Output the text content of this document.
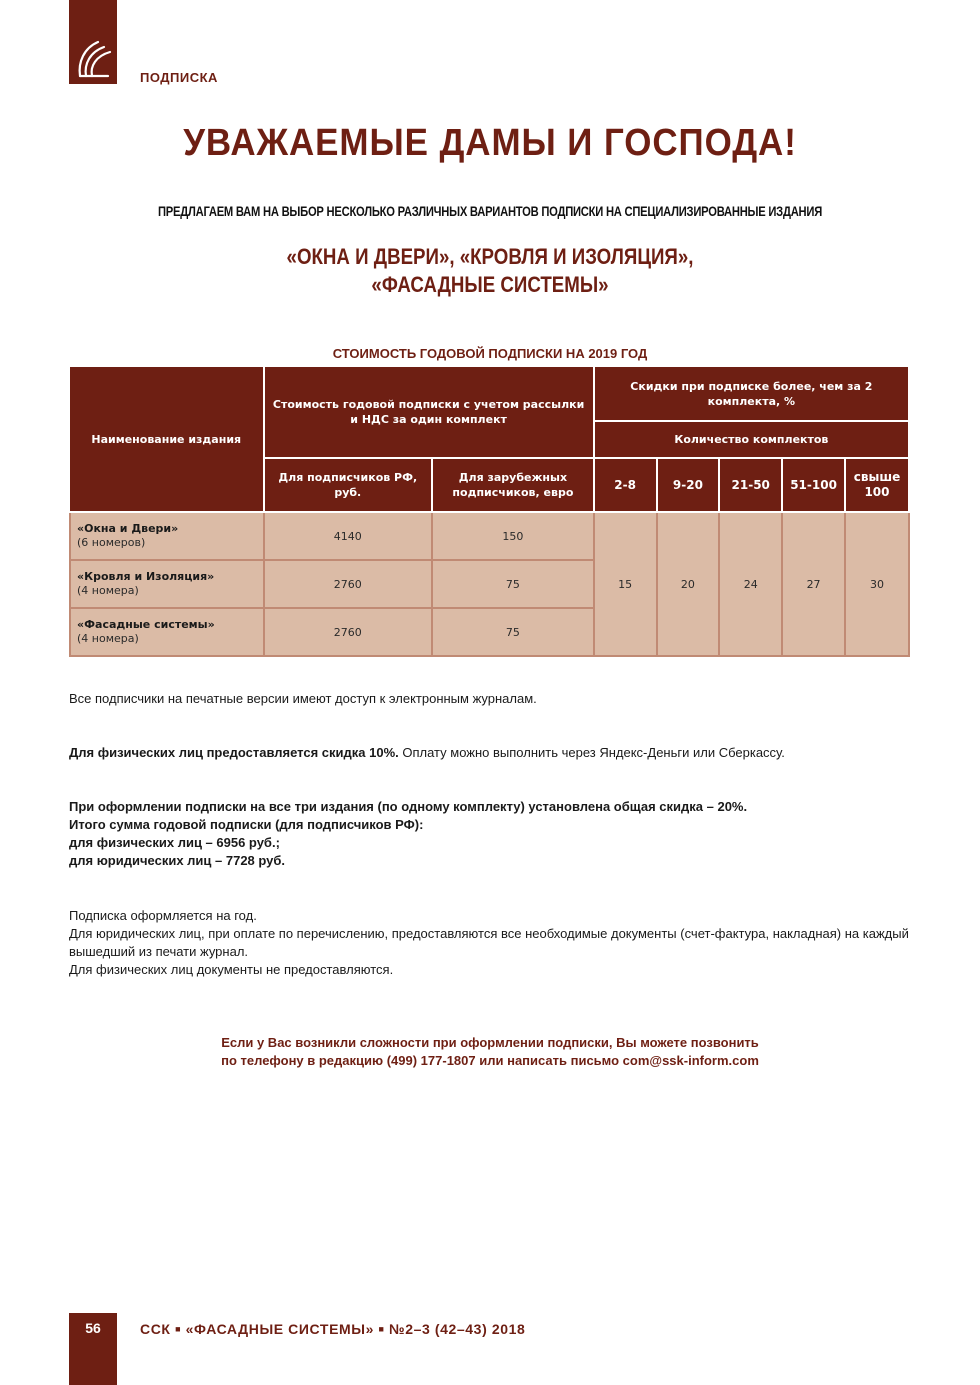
ПОДПИСКА
УВАЖАЕМЫЕ ДАМЫ И ГОСПОДА!
ПРЕДЛАГАЕМ ВАМ НА ВЫБОР НЕСКОЛЬКО РАЗЛИЧНЫХ ВАРИАНТОВ ПОДПИСКИ НА СПЕЦИАЛИЗИРОВАННЫЕ ИЗДАНИЯ
«ОКНА И ДВЕРИ», «КРОВЛЯ И ИЗОЛЯЦИЯ»,
«ФАСАДНЫЕ СИСТЕМЫ»
СТОИМОСТЬ ГОДОВОЙ ПОДПИСКИ НА 2019 ГОД
Наименование издания	Стоимость годовой подписки с учетом рассылки
и НДС за один комплект		Скидки при подписке более, чем за 2 комплекта, %				
			Количество комплектов				
	Для подписчиков РФ, руб.	Для зарубежных подписчиков, евро	2-8	9-20	21-50	51-100	свыше 100
«Окна и Двери»
(6 номеров)	4140	150	15	20	24	27	30
«Кровля и Изоляция»
(4 номера)	2760	75					
«Фасадные системы»
(4 номера)	2760	75					
Все подписчики на печатные версии имеют доступ к электронным журналам.
Для физических лиц предоставляется скидка 10%. Оплату можно выполнить через Яндекс-Деньги или Сберкассу.
При оформлении подписки на все три издания (по одному комплекту) установлена общая скидка – 20%.
Итого сумма годовой подписки (для подписчиков РФ):
для физических лиц – 6956 руб.;
для юридических лиц – 7728 руб.
Подписка оформляется на год.
Для юридических лиц, при оплате по перечислению, предоставляются все необходимые документы (счет-фактура, накладная) на каждый вышедший из печати журнал.
Для физических лиц документы не предоставляются.
Если у Вас возникли сложности при оформлении подписки, Вы можете позвонить
по телефону в редакцию (499) 177-1807 или написать письмо com@ssk-inform.com
56	ССК ■ «ФАСАДНЫЕ СИСТЕМЫ» ■ №2–3 (42–43) 2018
